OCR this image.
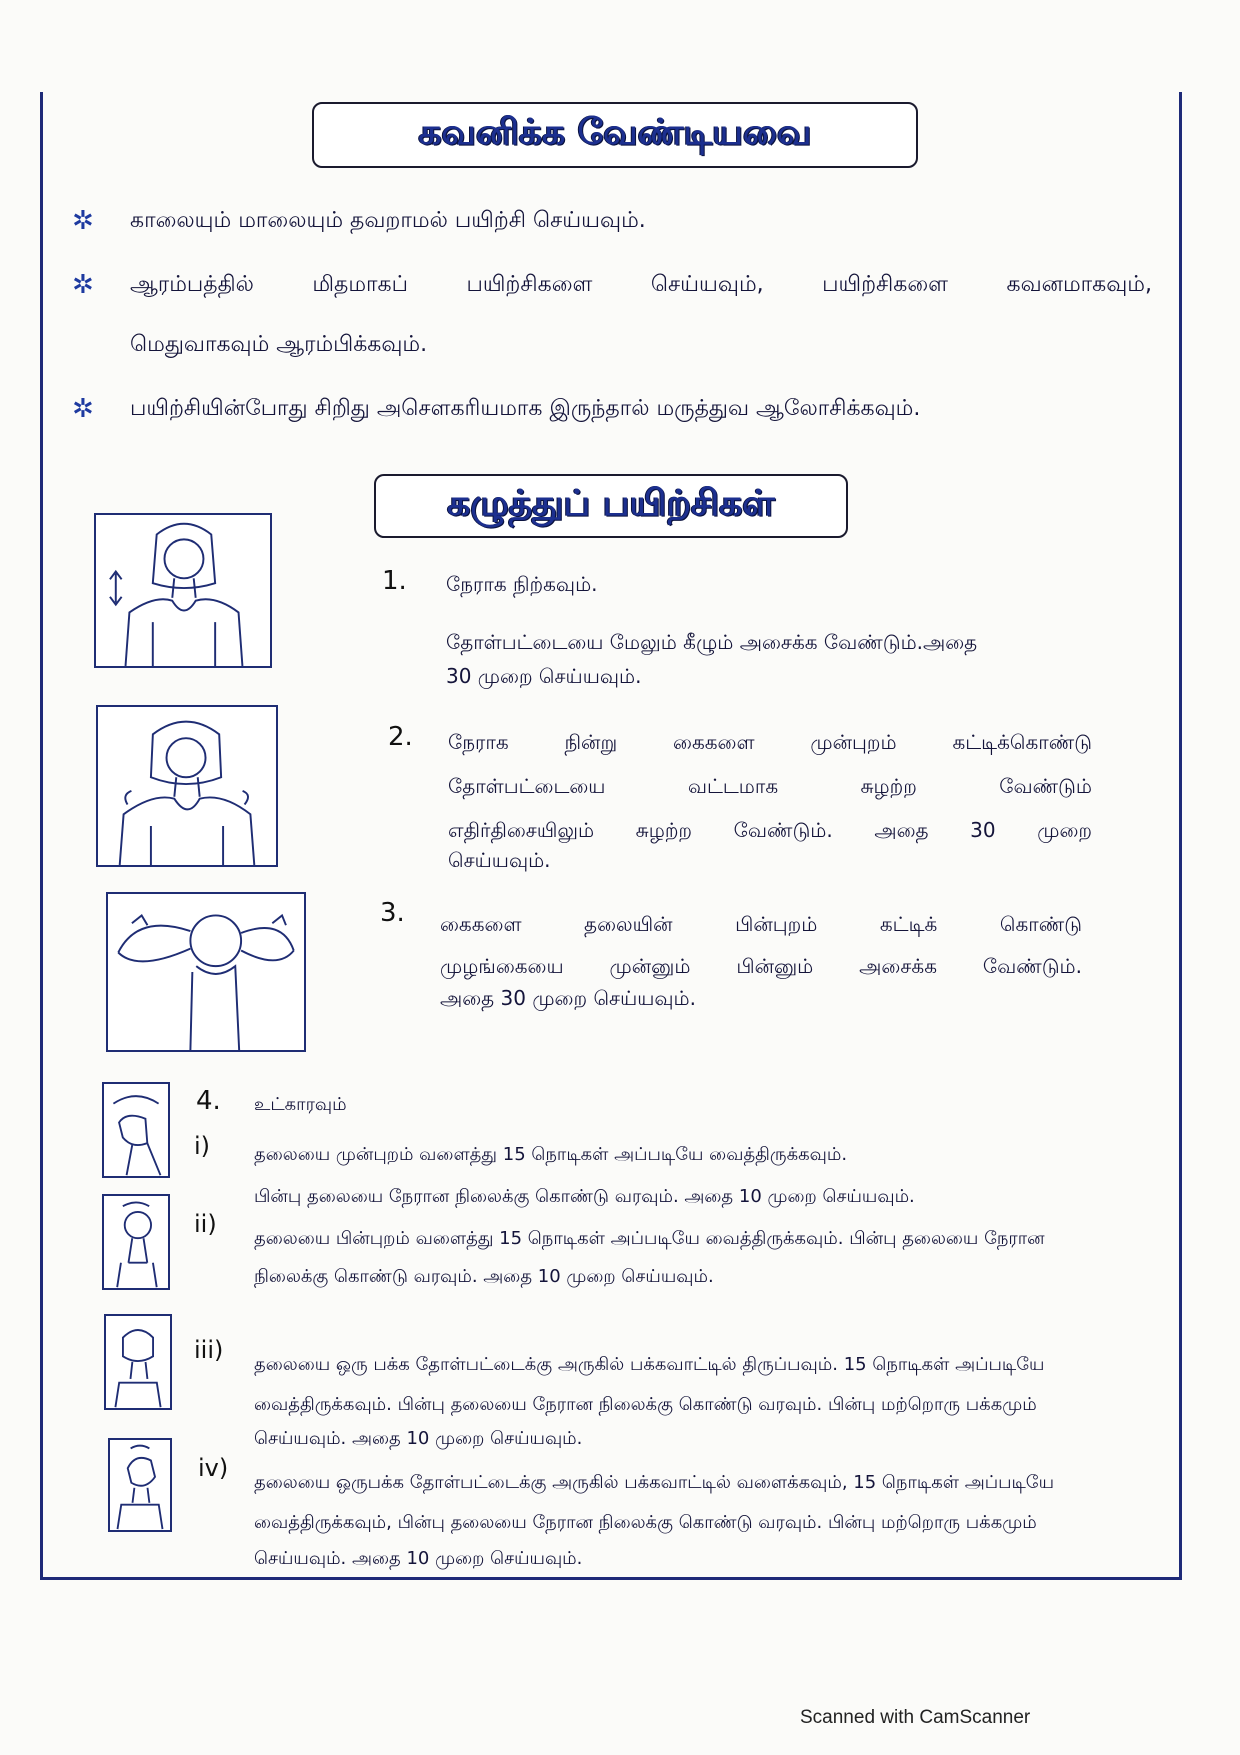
கவனிக்க வேண்டியவை
✲ காலையும் மாலையும் தவறாமல் பயிற்சி செய்யவும்.
✲ ஆரம்பத்தில் மிதமாகப் பயிற்சிகளை செய்யவும், பயிற்சிகளை கவனமாகவும்,
மெதுவாகவும் ஆரம்பிக்கவும்.
✲ பயிற்சியின்போது சிறிது அசௌகரியமாக இருந்தால் மருத்துவ ஆலோசிக்கவும்.
கழுத்துப் பயிற்சிகள்
1. நேராக நிற்கவும்.
தோள்பட்டையை மேலும் கீழும் அசைக்க வேண்டும்.அதை
30 முறை செய்யவும்.
2. நேராக நின்று கைகளை முன்புறம் கட்டிக்கொண்டு
தோள்பட்டையை வட்டமாக சுழற்ற வேண்டும்
எதிர்திசையிலும் சுழற்ற வேண்டும். அதை 30 முறை
செய்யவும்.
3. கைகளை தலையின் பின்புறம் கட்டிக் கொண்டு
முழங்கையை முன்னும் பின்னும் அசைக்க வேண்டும்.
அதை 30 முறை செய்யவும்.
4. உட்காரவும்
i) தலையை முன்புறம் வளைத்து 15 நொடிகள் அப்படியே வைத்திருக்கவும்.
பின்பு தலையை நேரான நிலைக்கு கொண்டு வரவும். அதை 10 முறை செய்யவும்.
ii)
தலையை பின்புறம் வளைத்து 15 நொடிகள் அப்படியே வைத்திருக்கவும். பின்பு தலையை நேரான
நிலைக்கு கொண்டு வரவும். அதை 10 முறை செய்யவும்.
iii)
தலையை ஒரு பக்க தோள்பட்டைக்கு அருகில் பக்கவாட்டில் திருப்பவும். 15 நொடிகள் அப்படியே
வைத்திருக்கவும். பின்பு தலையை நேரான நிலைக்கு கொண்டு வரவும். பின்பு மற்றொரு பக்கமும்
செய்யவும். அதை 10 முறை செய்யவும்.
iv)
தலையை ஒருபக்க தோள்பட்டைக்கு அருகில் பக்கவாட்டில் வளைக்கவும், 15 நொடிகள் அப்படியே
வைத்திருக்கவும், பின்பு தலையை நேரான நிலைக்கு கொண்டு வரவும். பின்பு மற்றொரு பக்கமும்
செய்யவும். அதை 10 முறை செய்யவும்.
Scanned with CamScanner
